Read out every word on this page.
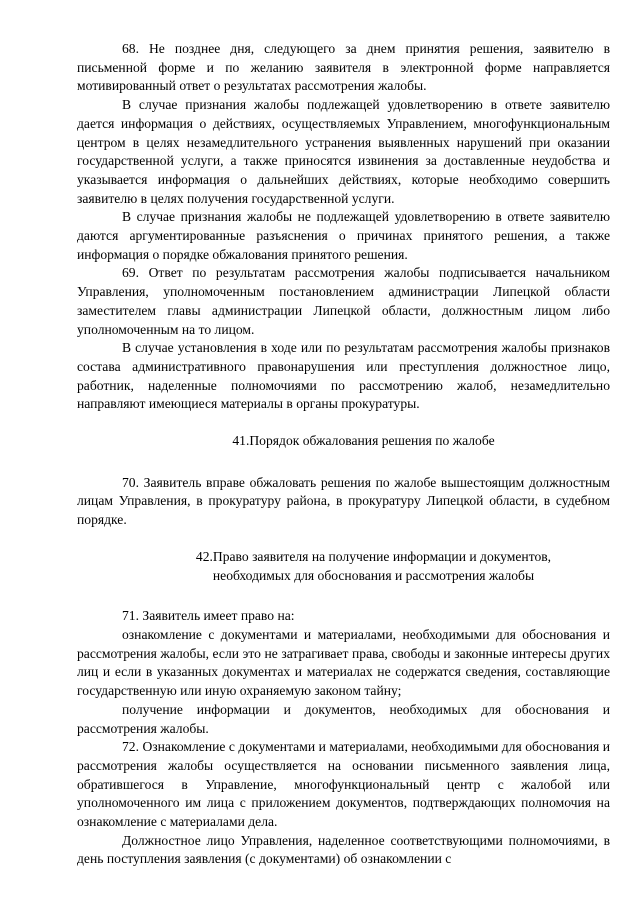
68. Не позднее дня, следующего за днем принятия решения, заявителю в письменной форме и по желанию заявителя в электронной форме направляется мотивированный ответ о результатах рассмотрения жалобы.

В случае признания жалобы подлежащей удовлетворению в ответе заявителю дается информация о действиях, осуществляемых Управлением, многофункциональным центром в целях незамедлительного устранения выявленных нарушений при оказании государственной услуги, а также приносятся извинения за доставленные неудобства и указывается информация о дальнейших действиях, которые необходимо совершить заявителю в целях получения государственной услуги.

В случае признания жалобы не подлежащей удовлетворению в ответе заявителю даются аргументированные разъяснения о причинах принятого решения, а также информация о порядке обжалования принятого решения.

69. Ответ по результатам рассмотрения жалобы подписывается начальником Управления, уполномоченным постановлением администрации Липецкой области заместителем главы администрации Липецкой области, должностным лицом либо уполномоченным на то лицом.

В случае установления в ходе или по результатам рассмотрения жалобы признаков состава административного правонарушения или преступления должностное лицо, работник, наделенные полномочиями по рассмотрению жалоб, незамедлительно направляют имеющиеся материалы в органы прокуратуры.

41.Порядок обжалования решения по жалобе

70. Заявитель вправе обжаловать решения по жалобе вышестоящим должностным лицам Управления, в прокуратуру района, в прокуратуру Липецкой области, в судебном порядке.

42.Право заявителя на получение информации и документов,
необходимых для обоснования и рассмотрения жалобы

71. Заявитель имеет право на:

ознакомление с документами и материалами, необходимыми для обоснования и рассмотрения жалобы, если это не затрагивает права, свободы и законные интересы других лиц и если в указанных документах и материалах не содержатся сведения, составляющие государственную или иную охраняемую законом тайну;

получение информации и документов, необходимых для обоснования и рассмотрения жалобы.

72. Ознакомление с документами и материалами, необходимыми для обоснования и рассмотрения жалобы осуществляется на основании письменного заявления лица, обратившегося в Управление, многофункциональный центр с жалобой или уполномоченного им лица с приложением документов, подтверждающих полномочия на ознакомление с материалами дела.

Должностное лицо Управления, наделенное соответствующими полномочиями, в день поступления заявления (с документами) об ознакомлении с
